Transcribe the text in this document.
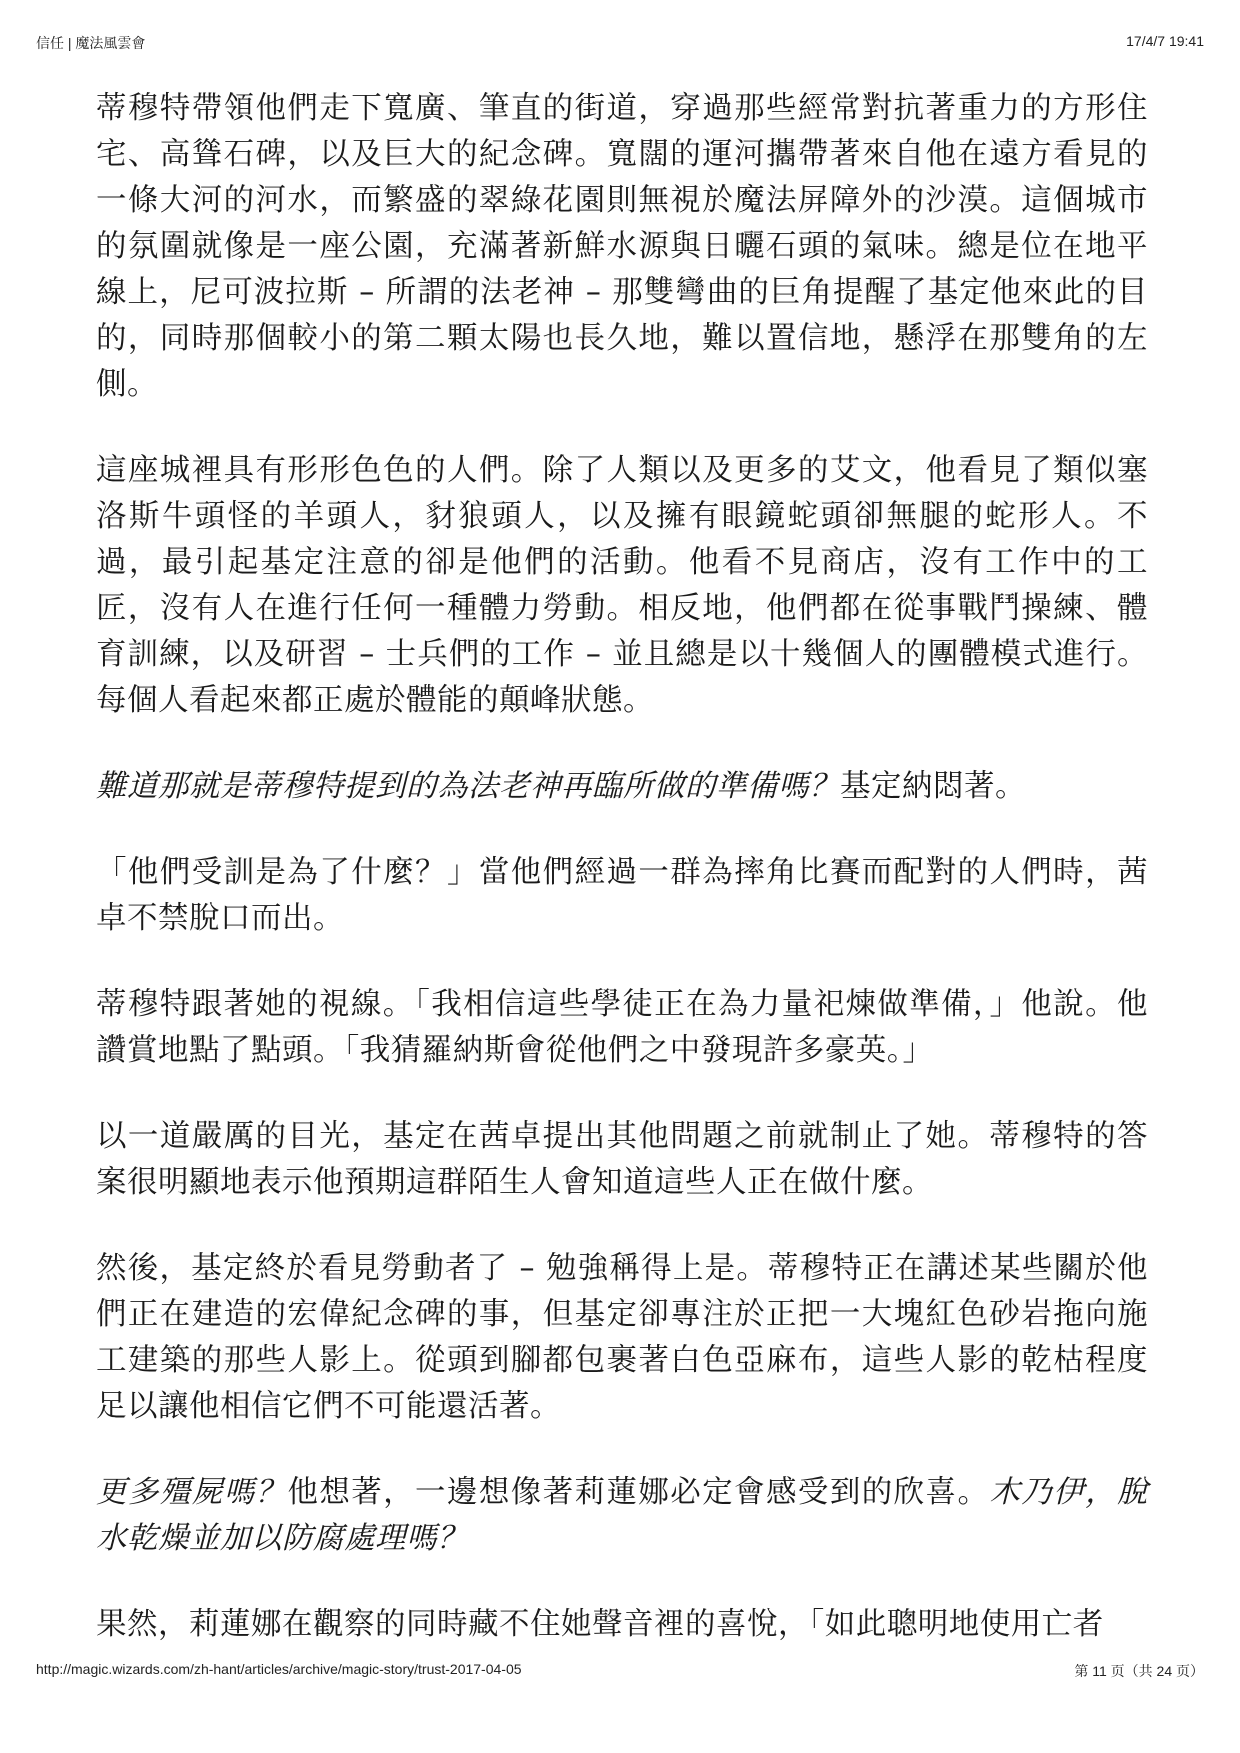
信任 | 魔法風雲會	17/4/7 19:41

蒂穆特帶領他們走下寬廣、筆直的街道，穿過那些經常對抗著重力的方形住宅、高聳石碑，以及巨大的紀念碑。寬闊的運河攜帶著來自他在遠方看見的一條大河的河水，而繁盛的翠綠花園則無視於魔法屏障外的沙漠。這個城市的氛圍就像是一座公園，充滿著新鮮水源與日曬石頭的氣味。總是位在地平線上，尼可波拉斯 – 所謂的法老神 – 那雙彎曲的巨角提醒了基定他來此的目的，同時那個較小的第二顆太陽也長久地，難以置信地，懸浮在那雙角的左側。

這座城裡具有形形色色的人們。除了人類以及更多的艾文，他看見了類似塞洛斯牛頭怪的羊頭人，豺狼頭人，以及擁有眼鏡蛇頭卻無腿的蛇形人。不過，最引起基定注意的卻是他們的活動。他看不見商店，沒有工作中的工匠，沒有人在進行任何一種體力勞動。相反地，他們都在從事戰鬥操練、體育訓練，以及研習 – 士兵們的工作 – 並且總是以十幾個人的團體模式進行。每個人看起來都正處於體能的顛峰狀態。

難道那就是蒂穆特提到的為法老神再臨所做的準備嗎？基定納悶著。

「他們受訓是為了什麼？」當他們經過一群為摔角比賽而配對的人們時，茜卓不禁脫口而出。

蒂穆特跟著她的視線。「我相信這些學徒正在為力量祀煉做準備，」他說。他讚賞地點了點頭。「我猜羅納斯會從他們之中發現許多豪英。」

以一道嚴厲的目光，基定在茜卓提出其他問題之前就制止了她。蒂穆特的答案很明顯地表示他預期這群陌生人會知道這些人正在做什麼。

然後，基定終於看見勞動者了 – 勉強稱得上是。蒂穆特正在講述某些關於他們正在建造的宏偉紀念碑的事，但基定卻專注於正把一大塊紅色砂岩拖向施工建築的那些人影上。從頭到腳都包裹著白色亞麻布，這些人影的乾枯程度足以讓他相信它們不可能還活著。

更多殭屍嗎？他想著，一邊想像著莉蓮娜必定會感受到的欣喜。木乃伊，脫水乾燥並加以防腐處理嗎？

果然，莉蓮娜在觀察的同時藏不住她聲音裡的喜悅，「如此聰明地使用亡者

http://magic.wizards.com/zh-hant/articles/archive/magic-story/trust-2017-04-05	第 11 页（共 24 页）
